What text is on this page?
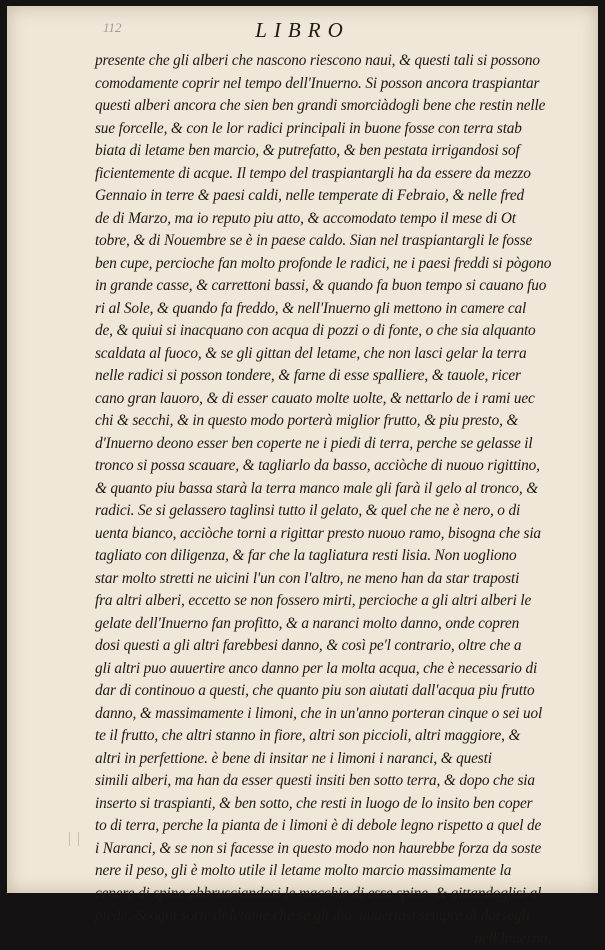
112	LIBRO
presente che gli alberi che nascono riescono naui, & questi tali si possono
comodamente coprir nel tempo dell'Inuerno. Si posson ancora traspiantar
questi alberi ancora che sien ben grandi smorciàdogli bene che restin nelle
sue forcelle, & con le lor radici principali in buone fosse con terra stab
biata di letame ben marcio, & putrefatto, & ben pestata irrigandosi sof
ficientemente di acque. Il tempo del traspiantargli ha da essere da mezzo
Gennaio in terre & paesi caldi, nelle temperate di Febraio, & nelle fred
de di Marzo, ma io reputo piu atto, & accomodato tempo il mese di Ot
tobre, & di Nouembre se è in paese caldo. Sian nel traspiantargli le fosse
ben cupe, percioche fan molto profonde le radici, ne i paesi freddi si pògono
in grande casse, & carrettoni bassi, & quando fa buon tempo si cauano fuo
ri al Sole, & quando fa freddo, & nell'Inuerno gli mettono in camere cal
de, & quiui si inacquano con acqua di pozzi o di fonte, o che sia alquanto
scaldata al fuoco, & se gli gittan del letame, che non lasci gelar la terra
nelle radici si posson tondere, & farne di esse spalliere, & tauole, ricer
cano gran lauoro, & di esser cauato molte uolte, & nettarlo de i rami uec
chi & secchi, & in questo modo porterà miglior frutto, & piu presto, &
d'Inuerno deono esser ben coperte ne i piedi di terra, perche se gelasse il
tronco si possa scauare, & tagliarlo da basso, acciòche di nuouo rigittino,
& quanto piu bassa starà la terra manco male gli farà il gelo al tronco, &
radici. Se si gelassero taglinsi tutto il gelato, & quel che ne è nero, o di
uenta bianco, acciòche torni a rigittar presto nuouo ramo, bisogna che sia
tagliato con diligenza, & far che la tagliatura resti lisia. Non uogliono
star molto stretti ne uicini l'un con l'altro, ne meno han da star traposti
fra altri alberi, eccetto se non fossero mirti, percioche a gli altri alberi le
gelate dell'Inuerno fan profitto, & a naranci molto danno, onde copren
dosi questi a gli altri farebbesi danno, & così pe'l contrario, oltre che a
gli altri puo auuertire anco danno per la molta acqua, che è necessario di
dar di continouo a questi, che quanto piu son aiutati dall'acqua piu frutto
danno, & massimamente i limoni, che in un'anno porteran cinque o sei uol
te il frutto, che altri stanno in fiore, altri son piccioli, altri maggiore, &
altri in perfettione. è bene di insitar ne i limoni i naranci, & questi
simili alberi, ma han da esser questi insiti ben sotto terra, & dopo che sia
inserto si traspianti, & ben sotto, che resti in luogo de lo insito ben coper
to di terra, perche la pianta de i limoni è di debole legno rispetto a quel de
i Naranci, & se non si facesse in questo modo non haurebbe forza da soste
nere il peso, gli è molto utile il letame molto marcio massimamente la
cenere di spine abbrusciandosi le macchie di esse spine, & gittandoglisi al
piede, & ogni sorte di letame che se gli dia, auuertasi sempre di darsegli
nell'Inuerno,
